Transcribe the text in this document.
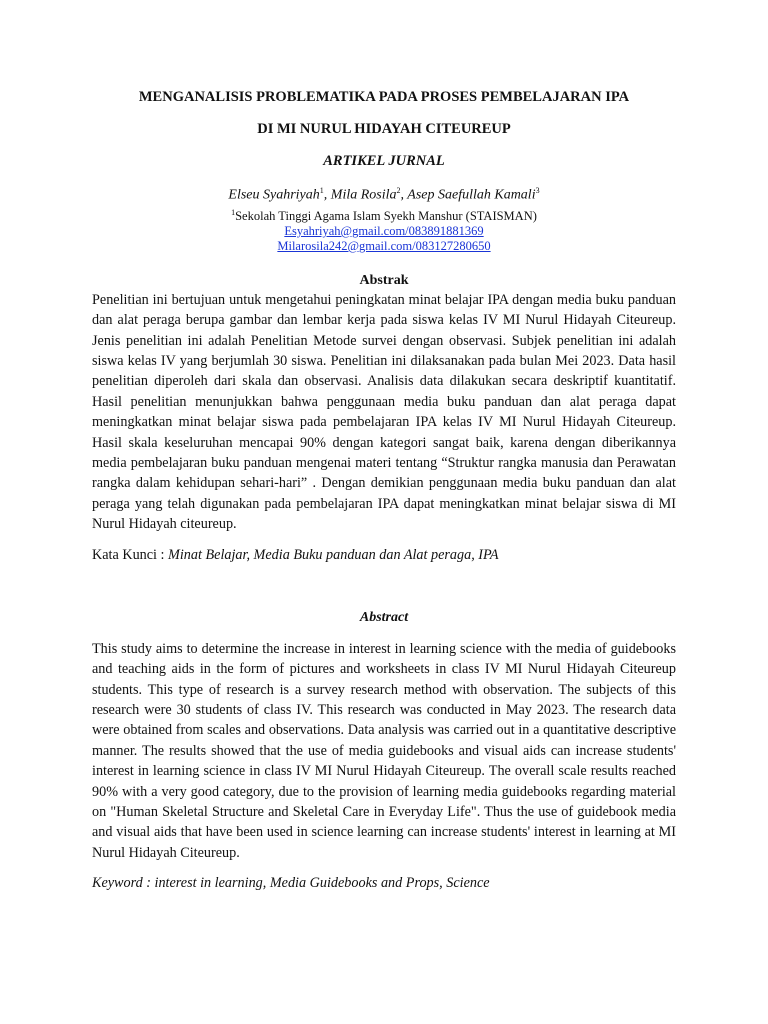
MENGANALISIS PROBLEMATIKA PADA PROSES PEMBELAJARAN IPA

DI MI NURUL HIDAYAH CITEUREUP

ARTIKEL JURNAL
Elseu Syahriyah$^1$, Mila Rosila$^2$, Asep Saefullah Kamali$^3$
$^1$Sekolah Tinggi Agama Islam Syekh Manshur (STAISMAN)
Esyahriyah@gmail.com/083891881369
Milarosila242@gmail.com/083127280650
Abstrak

Penelitian ini bertujuan untuk mengetahui peningkatan minat belajar IPA dengan media buku panduan dan alat peraga berupa gambar dan lembar kerja pada siswa kelas IV MI Nurul Hidayah Citeureup. Jenis penelitian ini adalah Penelitian Metode survei dengan observasi. Subjek penelitian ini adalah siswa kelas IV yang berjumlah 30 siswa. Penelitian ini dilaksanakan pada bulan Mei 2023. Data hasil penelitian diperoleh dari skala dan observasi. Analisis data dilakukan secara deskriptif kuantitatif. Hasil penelitian menunjukkan bahwa penggunaan media buku panduan dan alat peraga dapat meningkatkan minat belajar siswa pada pembelajaran IPA kelas IV MI Nurul Hidayah Citeureup. Hasil skala keseluruhan mencapai 90% dengan kategori sangat baik, karena dengan diberikannya media pembelajaran buku panduan mengenai materi tentang “Struktur rangka manusia dan Perawatan rangka dalam kehidupan sehari-hari” . Dengan demikian penggunaan media buku panduan dan alat peraga yang telah digunakan pada pembelajaran IPA dapat meningkatkan minat belajar siswa di MI Nurul Hidayah citeureup.

Kata Kunci : Minat Belajar, Media Buku panduan dan Alat peraga, IPA
Abstract

This study aims to determine the increase in interest in learning science with the media of guidebooks and teaching aids in the form of pictures and worksheets in class IV MI Nurul Hidayah Citeureup students. This type of research is a survey research method with observation. The subjects of this research were 30 students of class IV. This research was conducted in May 2023. The research data were obtained from scales and observations. Data analysis was carried out in a quantitative descriptive manner. The results showed that the use of media guidebooks and visual aids can increase students' interest in learning science in class IV MI Nurul Hidayah Citeureup. The overall scale results reached 90% with a very good category, due to the provision of learning media guidebooks regarding material on "Human Skeletal Structure and Skeletal Care in Everyday Life". Thus the use of guidebook media and visual aids that have been used in science learning can increase students' interest in learning at MI Nurul Hidayah Citeureup.

Keyword : interest in learning, Media Guidebooks and Props, Science
